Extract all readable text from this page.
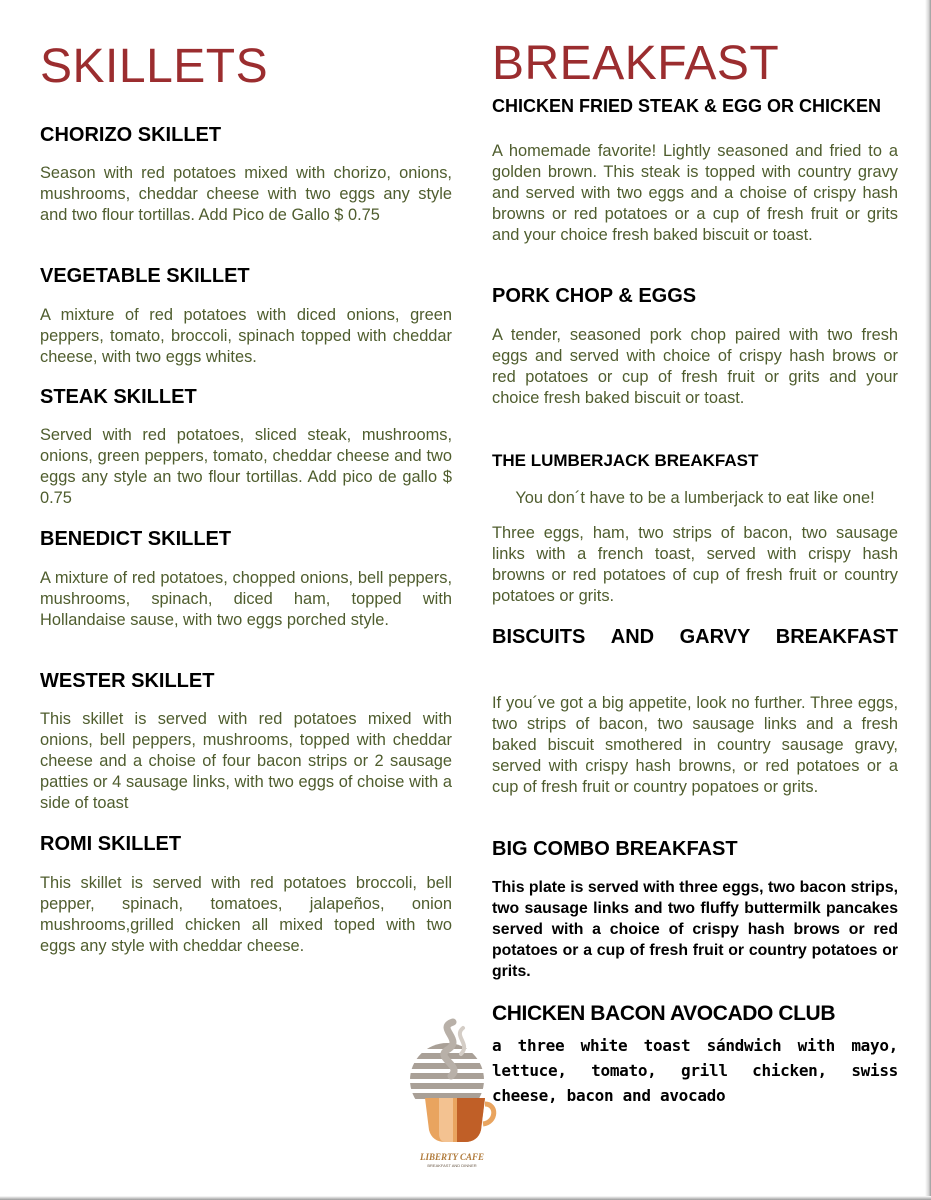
SKILLETS
CHORIZO SKILLET

Season with red potatoes mixed with chorizo, onions, mushrooms, cheddar cheese with two eggs any style and two flour tortillas. Add Pico de Gallo $ 0.75

VEGETABLE SKILLET

A mixture of red potatoes with diced onions, green peppers, tomato, broccoli, spinach topped with cheddar cheese, with two eggs whites.

STEAK SKILLET

Served with red potatoes, sliced steak, mushrooms, onions, green peppers, tomato, cheddar cheese and two eggs any style an two flour tortillas. Add pico de gallo $ 0.75

BENEDICT SKILLET

A mixture of red potatoes, chopped onions, bell peppers, mushrooms, spinach, diced ham, topped with Hollandaise sause, with two eggs porched style.

WESTER SKILLET

This skillet is served with red potatoes mixed with onions, bell peppers, mushrooms, topped with cheddar cheese and a choise of four bacon strips or 2 sausage patties or 4 sausage links, with two eggs of choise with a side of toast

ROMI SKILLET

This skillet is served with red potatoes broccoli, bell pepper, spinach, tomatoes, jalapeños, onion mushrooms,grilled chicken all mixed toped with two eggs any style with cheddar cheese.

BREAKFAST
CHICKEN FRIED STEAK & EGG OR CHICKEN

A homemade favorite! Lightly seasoned and fried to a golden brown. This steak is topped with country gravy and served with two eggs and a choise of crispy hash browns or red potatoes or a cup of fresh fruit or grits and your choice fresh baked biscuit or toast.

PORK CHOP & EGGS

A tender, seasoned pork chop paired with two fresh eggs and served with choice of crispy hash brows or red potatoes or cup of fresh fruit or grits and your choice fresh baked biscuit or toast.

THE LUMBERJACK BREAKFAST

You don´t have to be a lumberjack to eat like one!

Three eggs, ham, two strips of bacon, two sausage links with a french toast, served with crispy hash browns or red potatoes of cup of fresh fruit or country potatoes or grits.

BISCUITS AND GARVY BREAKFAST

If you´ve got a big appetite, look no further. Three eggs, two strips of bacon, two sausage links and a fresh baked biscuit smothered in country sausage gravy, served with crispy hash browns, or red potatoes or a cup of fresh fruit or country popatoes or grits.

BIG COMBO BREAKFAST

This plate is served with three eggs, two bacon strips, two sausage links and two fluffy buttermilk pancakes served with a choice of crispy hash brows or red potatoes or a cup of fresh fruit or country potatoes or grits.

CHICKEN BACON AVOCADO CLUB

a three white toast sándwich with mayo, lettuce, tomato, grill chicken, swiss cheese, bacon and avocado

LIBERTY CAFE
BREAKFAST AND DINNER
